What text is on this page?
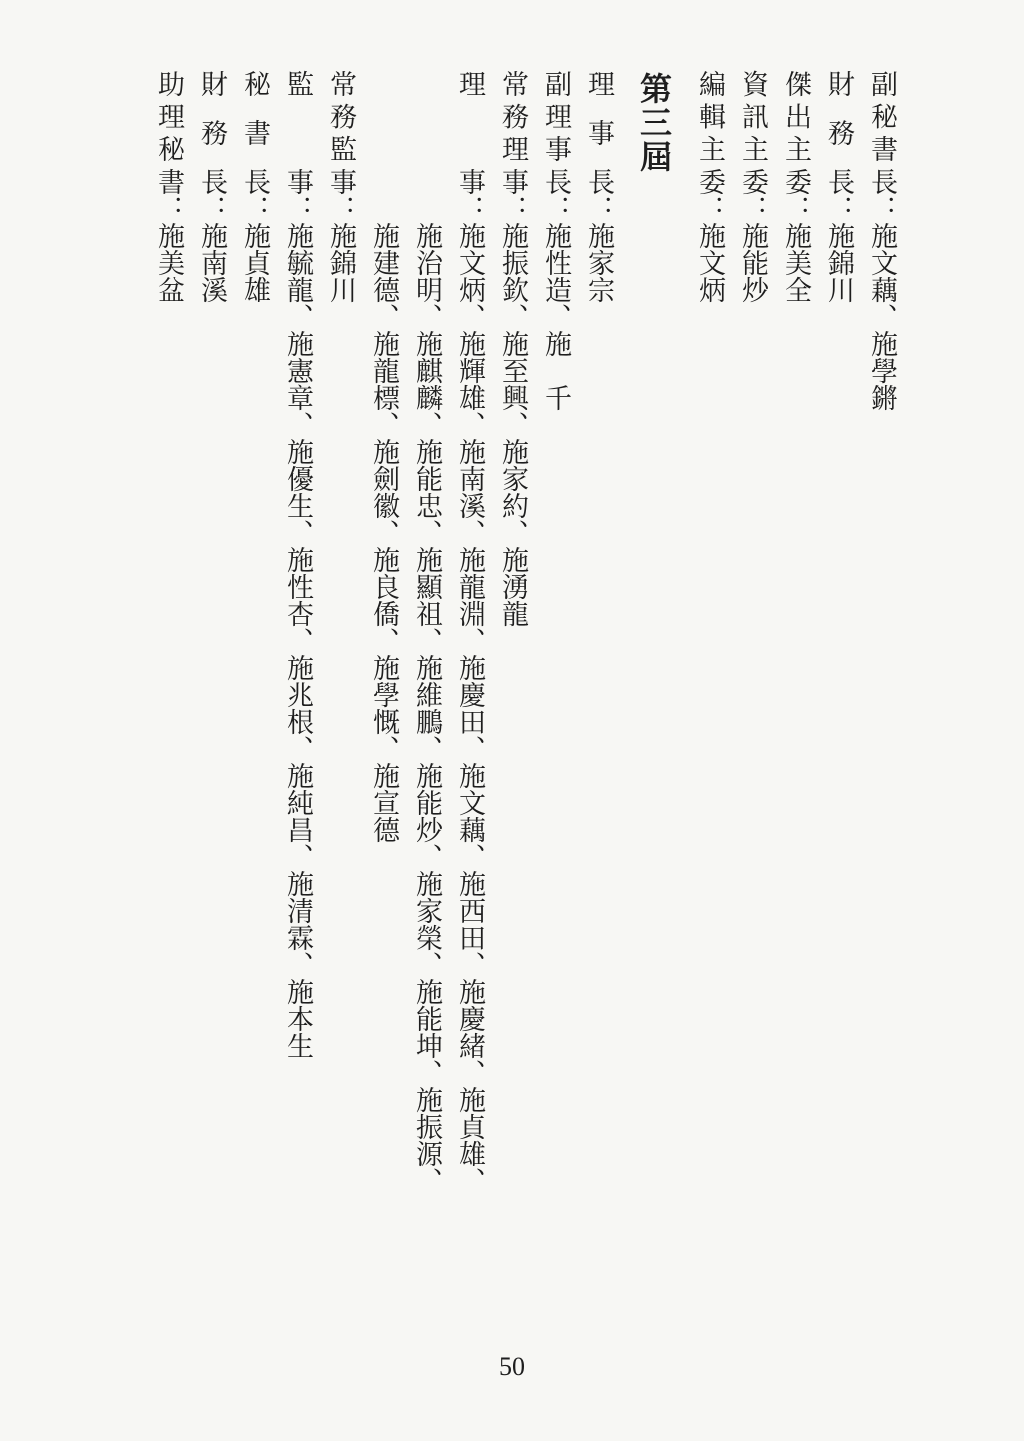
副秘書長：施文藕、施學鏘
財務長：施錦川
傑出主委：施美全
資訊主委：施能炒
編輯主委：施文炳
第三屆
理事長：施家宗
副理事長：施性造、施　千
常務理事：施振欽、施至興、施家約、施湧龍
理事：施文炳、施輝雄、施南溪、施龍淵、施慶田、施文藕、施西田、施慶緒、施貞雄、
施治明、施麒麟、施能忠、施顯祖、施維鵬、施能炒、施家榮、施能坤、施振源、
施建德、施龍標、施劍徽、施良僑、施學慨、施宣德
常務監事：施錦川
監事：施毓龍、施憲章、施優生、施性杏、施兆根、施純昌、施清霖、施本生
秘書長：施貞雄
財務長：施南溪
助理秘書：施美盆
50
